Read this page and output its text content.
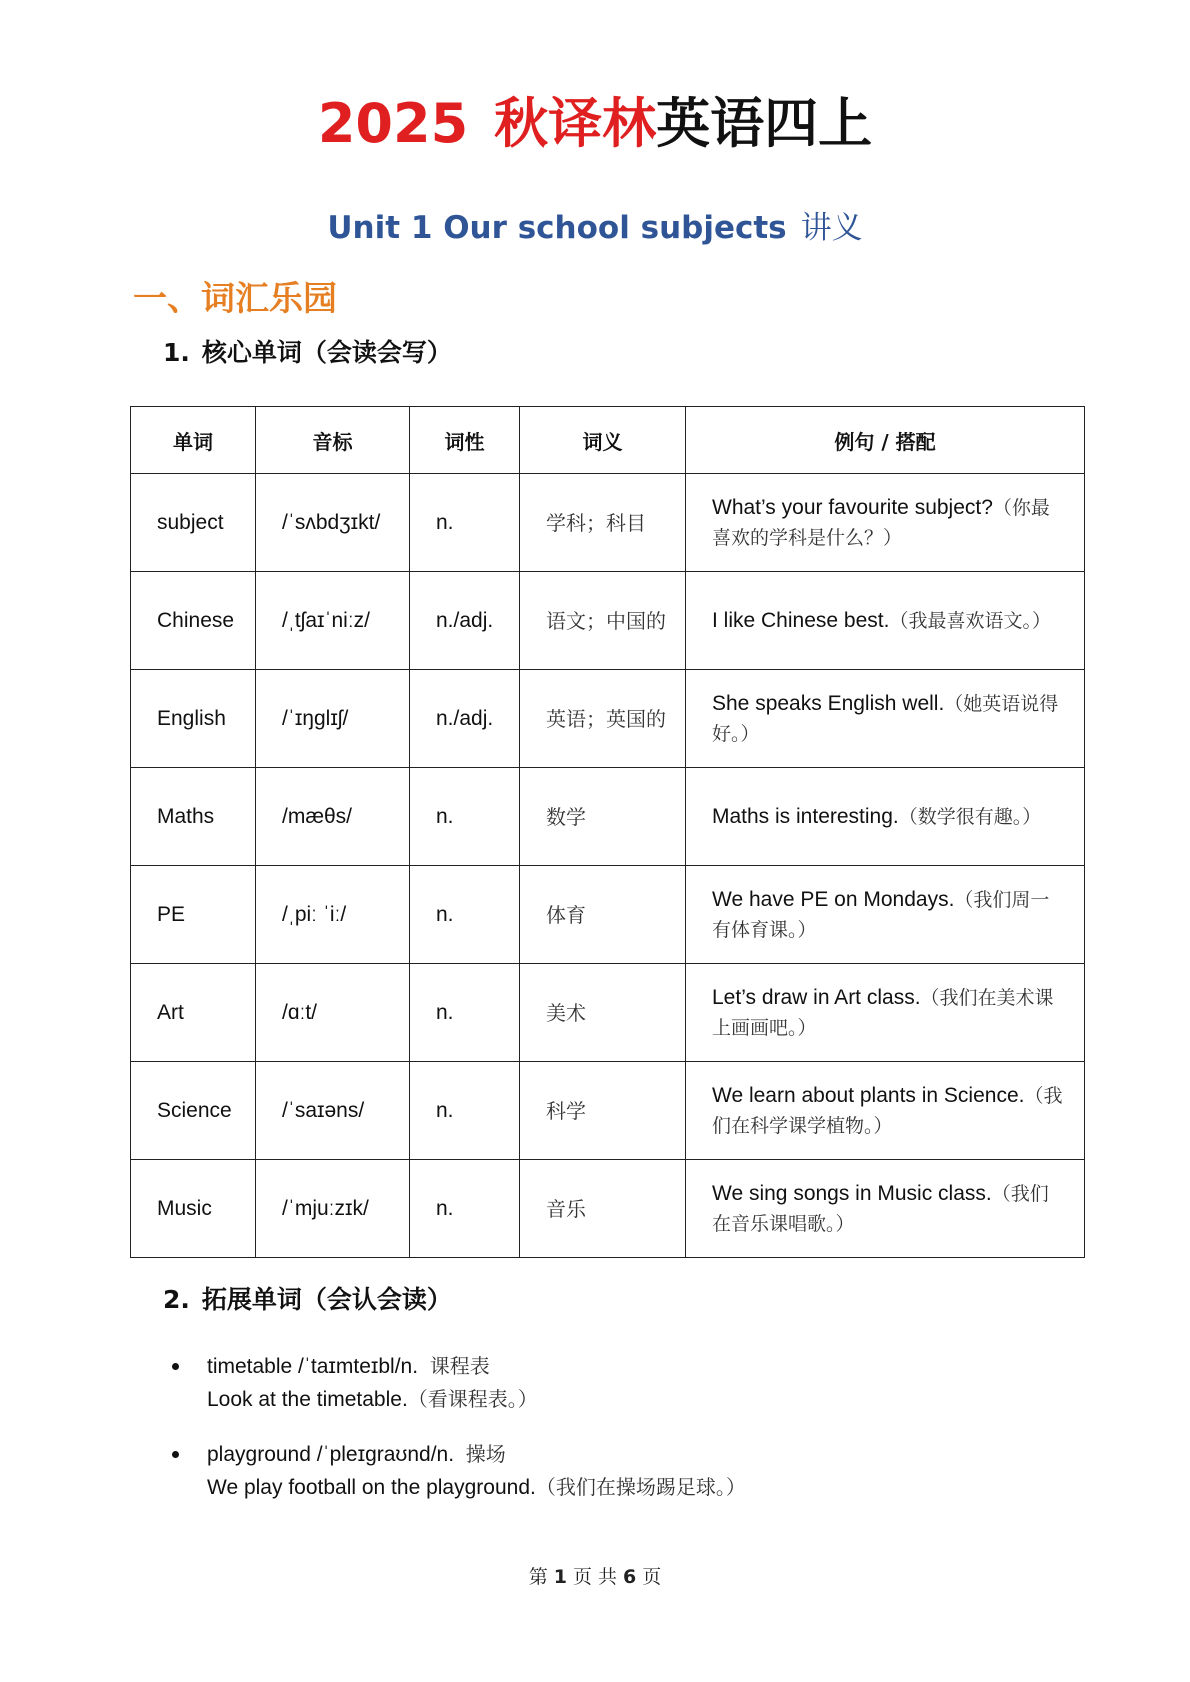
2025 秋译林英语四上
Unit 1 Our school subjects 讲义
一、词汇乐园
1. 核心单词（会读会写）
单词	音标	词性	词义	例句 / 搭配
subject	/ˈsʌbdʒɪkt/	n.	学科；科目	What’s your favourite subject?（你最喜欢的学科是什么？）
Chinese	/ˌtʃaɪˈniːz/	n./adj.	语文；中国的	I like Chinese best.（我最喜欢语文。）
English	/ˈɪŋɡlɪʃ/	n./adj.	英语；英国的	She speaks English well.（她英语说得好。）
Maths	/mæθs/	n.	数学	Maths is interesting.（数学很有趣。）
PE	/ˌpiː ˈiː/	n.	体育	We have PE on Mondays.（我们周一有体育课。）
Art	/ɑːt/	n.	美术	Let’s draw in Art class.（我们在美术课上画画吧。）
Science	/ˈsaɪəns/	n.	科学	We learn about plants in Science.（我们在科学课学植物。）
Music	/ˈmjuːzɪk/	n.	音乐	We sing songs in Music class.（我们在音乐课唱歌。）
2. 拓展单词（会认会读）
timetable /ˈtaɪmteɪbl/n. 课程表
Look at the timetable.（看课程表。）
playground /ˈpleɪɡraʊnd/n. 操场
We play football on the playground.（我们在操场踢足球。）
第 1 页 共 6 页
